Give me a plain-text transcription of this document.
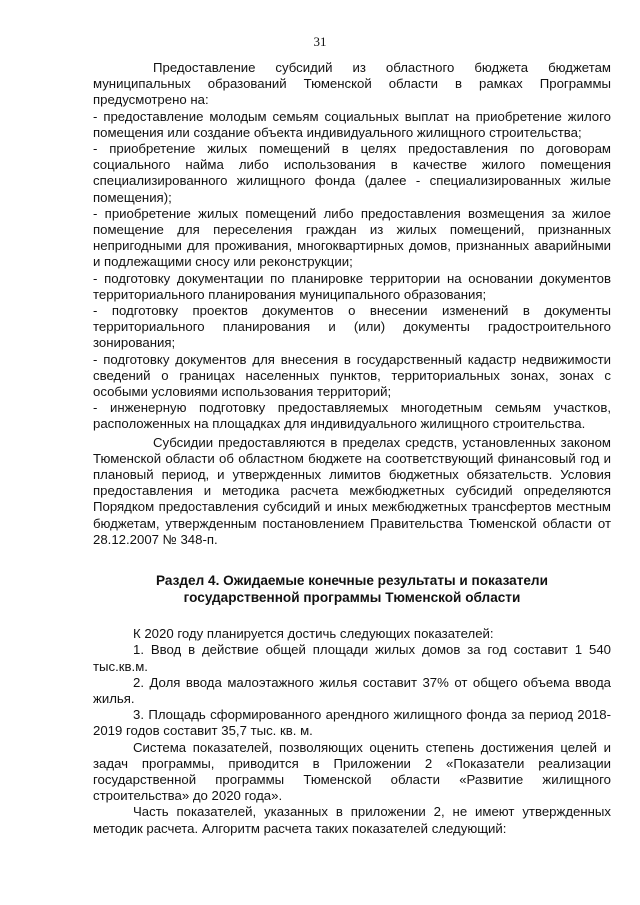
31

Предоставление субсидий из областного бюджета бюджетам муниципальных образований Тюменской области в рамках Программы предусмотрено на:

- предоставление молодым семьям социальных выплат на приобретение жилого помещения или создание объекта индивидуального жилищного строительства;

- приобретение жилых помещений в целях предоставления по договорам социального найма либо использования в качестве жилого помещения специализированного жилищного фонда (далее - специализированных жилые помещения);

- приобретение жилых помещений либо предоставления возмещения за жилое помещение для переселения граждан из жилых помещений, признанных непригодными для проживания, многоквартирных домов, признанных аварийными и подлежащими сносу или реконструкции;

- подготовку документации по планировке территории на основании документов территориального планирования муниципального образования;

- подготовку проектов документов о внесении изменений в документы территориального планирования и (или) документы градостроительного зонирования;

- подготовку документов для внесения в государственный кадастр недвижимости сведений о границах населенных пунктов, территориальных зонах, зонах с особыми условиями использования территорий;

- инженерную подготовку предоставляемых многодетным семьям участков, расположенных на площадках для индивидуального жилищного строительства.

Субсидии предоставляются в пределах средств, установленных законом Тюменской области об областном бюджете на соответствующий финансовый год и плановый период, и утвержденных лимитов бюджетных обязательств. Условия предоставления и методика расчета межбюджетных субсидий определяются Порядком предоставления субсидий и иных межбюджетных трансфертов местным бюджетам, утвержденным постановлением Правительства Тюменской области от 28.12.2007 № 348-п.

Раздел 4. Ожидаемые конечные результаты и показатели
государственной программы Тюменской области

К 2020 году планируется достичь следующих показателей:

1. Ввод в действие общей площади жилых домов за год составит 1 540 тыс.кв.м.

2. Доля ввода малоэтажного жилья составит 37% от общего объема ввода жилья.

3. Площадь сформированного арендного жилищного фонда за период 2018-2019 годов составит 35,7 тыс. кв. м.

Система показателей, позволяющих оценить степень достижения целей и задач программы, приводится в Приложении 2 «Показатели реализации государственной программы Тюменской области «Развитие жилищного строительства» до 2020 года».

Часть показателей, указанных в приложении 2, не имеют утвержденных методик расчета. Алгоритм расчета таких показателей следующий:
